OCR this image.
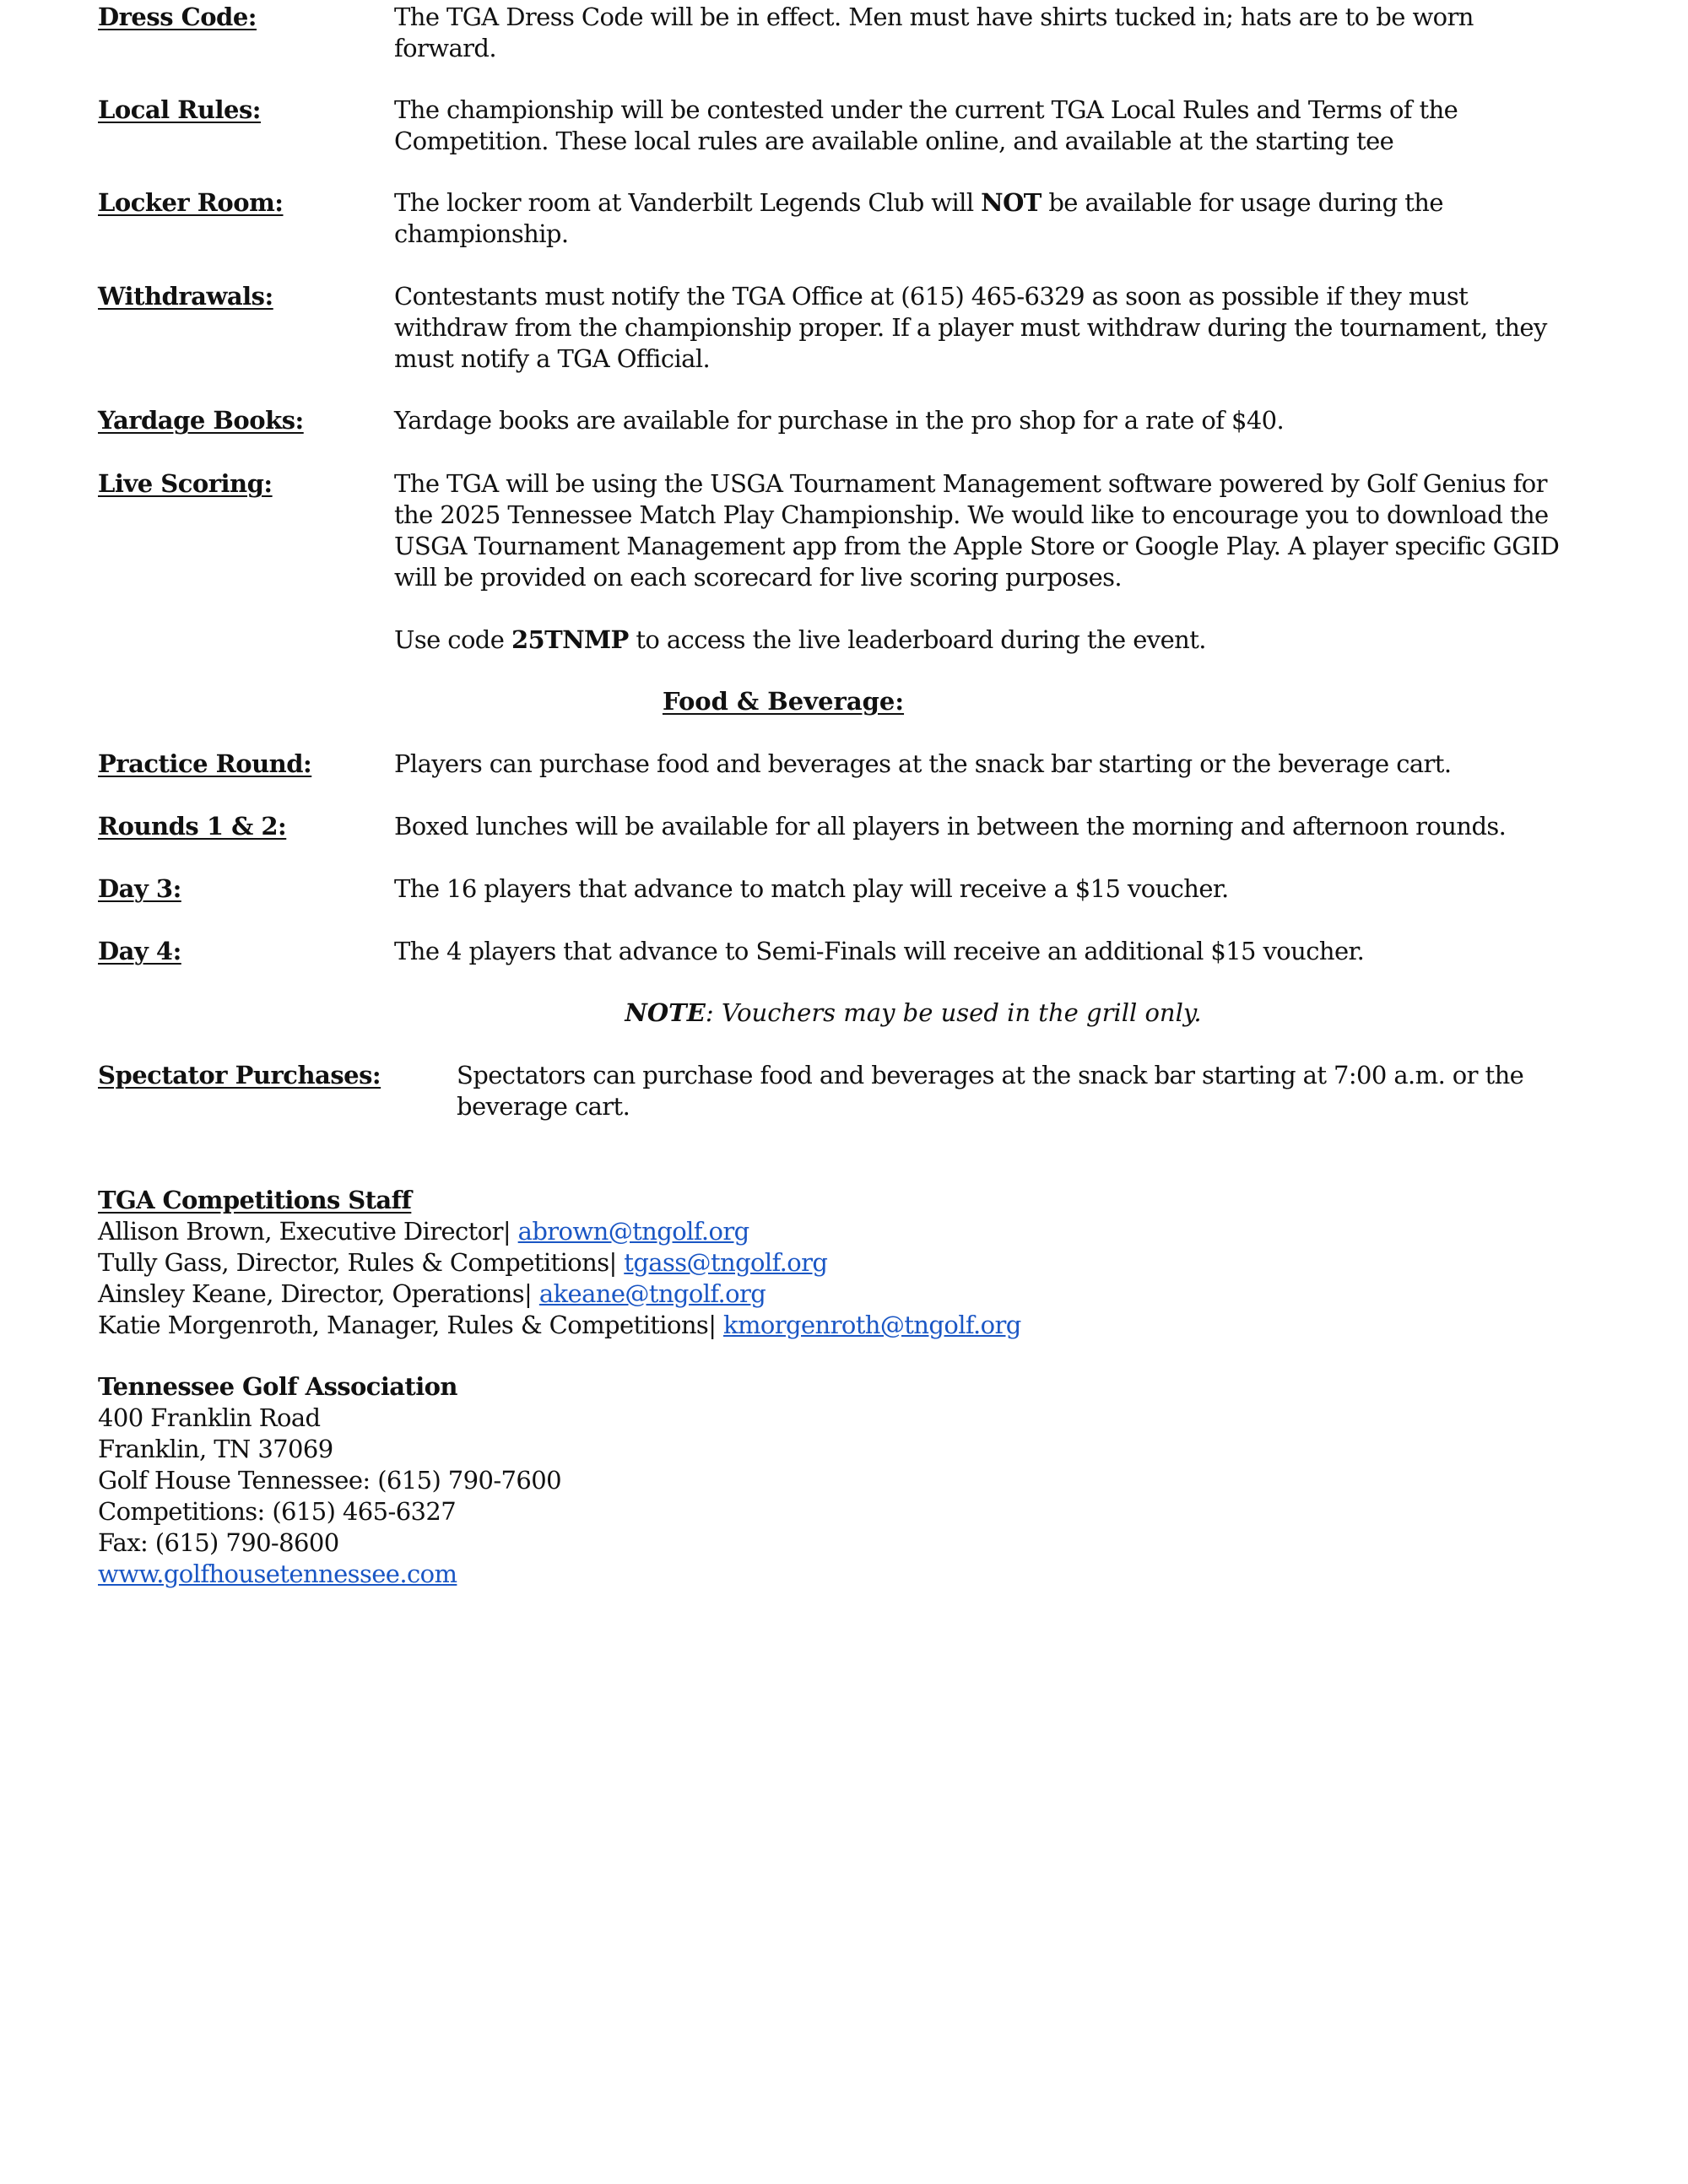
Dress Code:	The TGA Dress Code will be in effect. Men must have shirts tucked in; hats are to be worn
forward.
Local Rules:	The championship will be contested under the current TGA Local Rules and Terms of the
Competition. These local rules are available online, and available at the starting tee
Locker Room:	The locker room at Vanderbilt Legends Club will NOT be available for usage during the
championship.
Withdrawals:	Contestants must notify the TGA Office at (615) 465-6329 as soon as possible if they must
withdraw from the championship proper. If a player must withdraw during the tournament, they
must notify a TGA Official.
Yardage Books:	Yardage books are available for purchase in the pro shop for a rate of $40.
Live Scoring:	The TGA will be using the USGA Tournament Management software powered by Golf Genius for
the 2025 Tennessee Match Play Championship. We would like to encourage you to download the
USGA Tournament Management app from the Apple Store or Google Play. A player specific GGID
will be provided on each scorecard for live scoring purposes.
Use code 25TNMP to access the live leaderboard during the event.
Food & Beverage:
Practice Round:	Players can purchase food and beverages at the snack bar starting or the beverage cart.
Rounds 1 & 2:	Boxed lunches will be available for all players in between the morning and afternoon rounds.
Day 3:	The 16 players that advance to match play will receive a $15 voucher.
Day 4:	The 4 players that advance to Semi-Finals will receive an additional $15 voucher.
NOTE: Vouchers may be used in the grill only.
Spectator Purchases:	Spectators can purchase food and beverages at the snack bar starting at 7:00 a.m. or the
beverage cart.
TGA Competitions Staff
Allison Brown, Executive Director| abrown@tngolf.org
Tully Gass, Director, Rules & Competitions| tgass@tngolf.org
Ainsley Keane, Director, Operations| akeane@tngolf.org
Katie Morgenroth, Manager, Rules & Competitions| kmorgenroth@tngolf.org
Tennessee Golf Association
400 Franklin Road
Franklin, TN 37069
Golf House Tennessee: (615) 790-7600
Competitions: (615) 465-6327
Fax: (615) 790-8600
www.golfhousetennessee.com
